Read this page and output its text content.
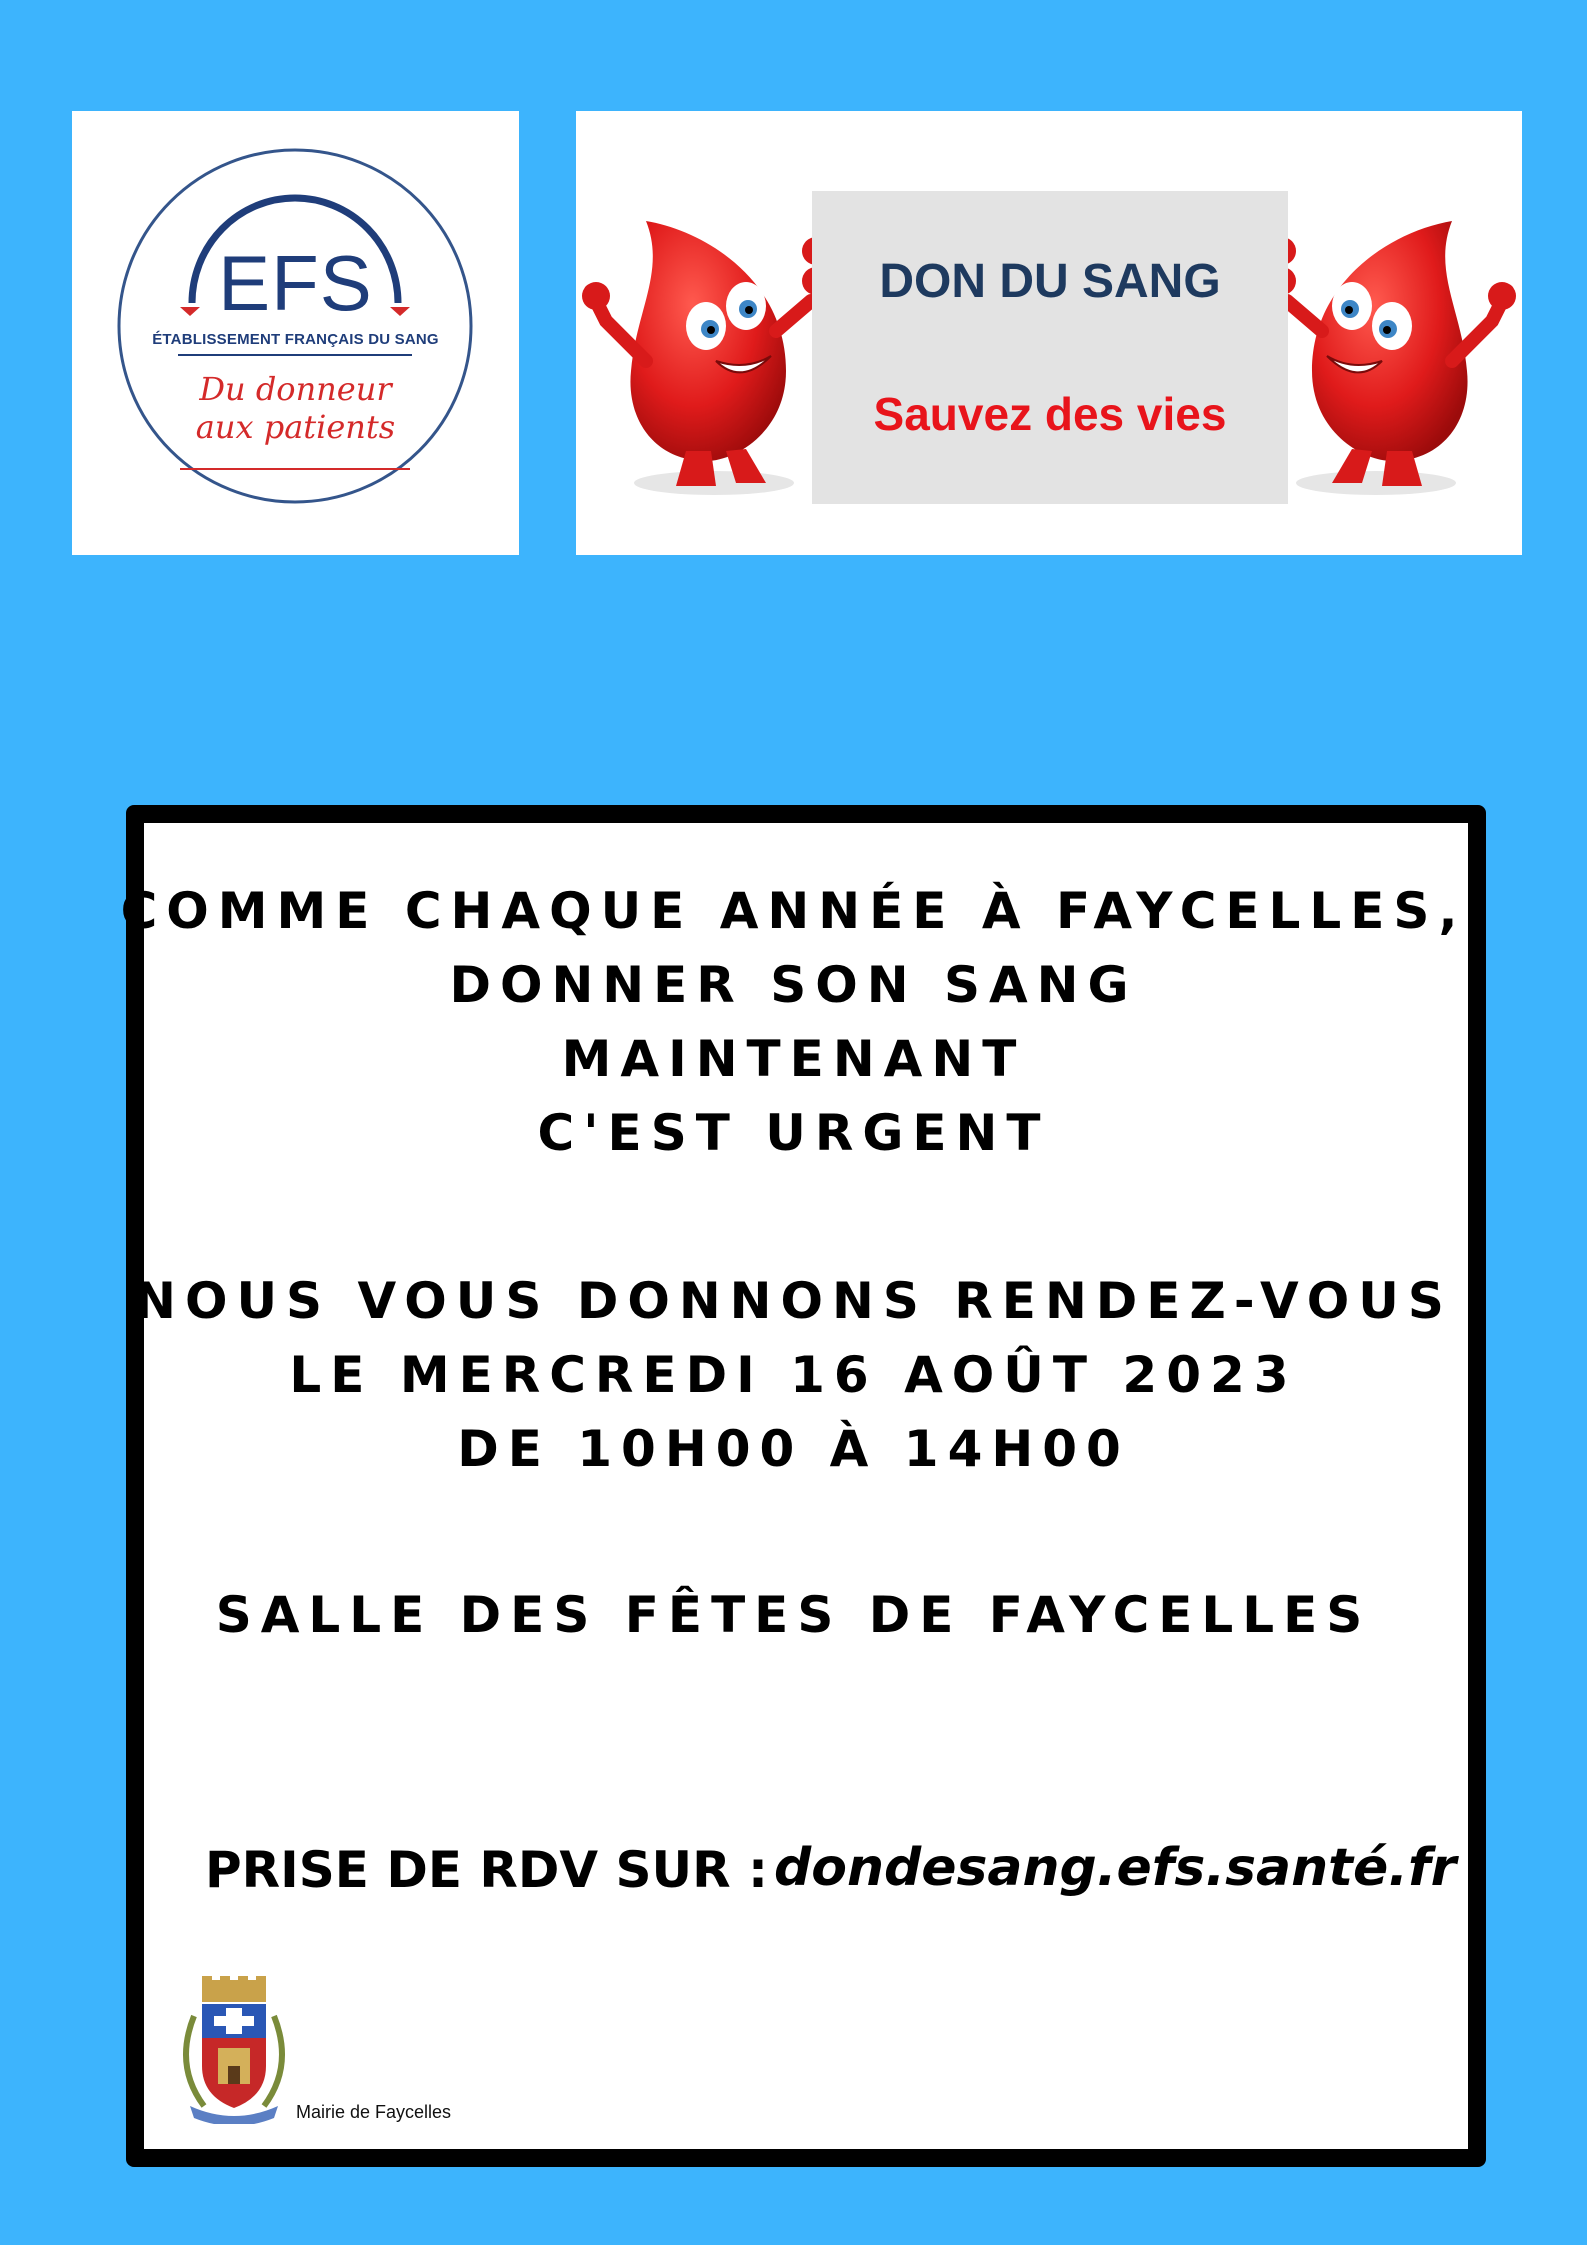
EFS
ÉTABLISSEMENT FRANÇAIS DU SANG
Du donneur
aux patients
DON DU SANG
Sauvez des vies
COMME CHAQUE ANNÉE À FAYCELLES,
DONNER SON SANG
MAINTENANT
C'EST URGENT
NOUS VOUS DONNONS RENDEZ-VOUS
LE MERCREDI 16 AOÛT 2023
DE 10H00 À 14H00
SALLE DES FÊTES DE FAYCELLES
PRISE DE RDV SUR : dondesang.efs.santé.fr
Mairie de Faycelles
